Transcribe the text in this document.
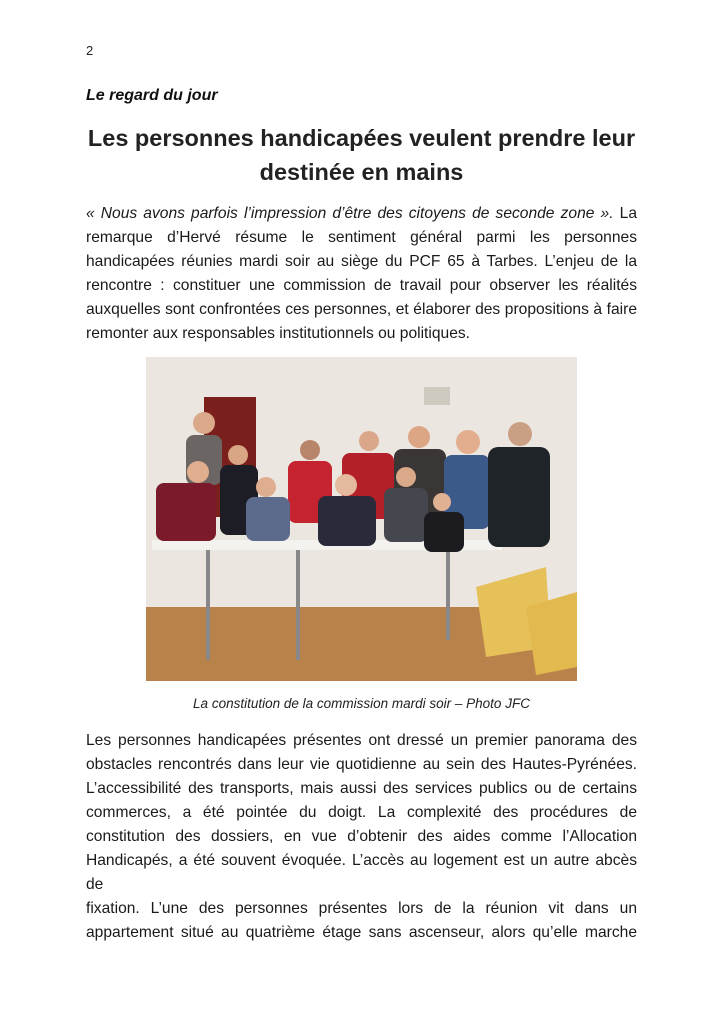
2
Le regard du jour
Les personnes handicapées veulent prendre leur
destinée en mains

« Nous avons parfois l’impression d’être des citoyens de seconde zone ». La
remarque d’Hervé résume le sentiment général parmi les personnes
handicapées réunies mardi soir au siège du PCF 65 à Tarbes. L’enjeu de la
rencontre : constituer une commission de travail pour observer les réalités
auxquelles sont confrontées ces personnes, et élaborer des propositions à faire
remonter aux responsables institutionnels ou politiques.

La constitution de la commission mardi soir – Photo JFC

Les personnes handicapées présentes ont dressé un premier panorama des
obstacles rencontrés dans leur vie quotidienne au sein des Hautes-Pyrénées.
L’accessibilité des transports, mais aussi des services publics ou de certains
commerces, a été pointée du doigt. La complexité des procédures de
constitution des dossiers, en vue d’obtenir des aides comme l’Allocation
Handicapés, a été souvent évoquée. L’accès au logement est un autre abcès de
fixation. L’une des personnes présentes lors de la réunion vit dans un
appartement situé au quatrième étage sans ascenseur, alors qu’elle marche
